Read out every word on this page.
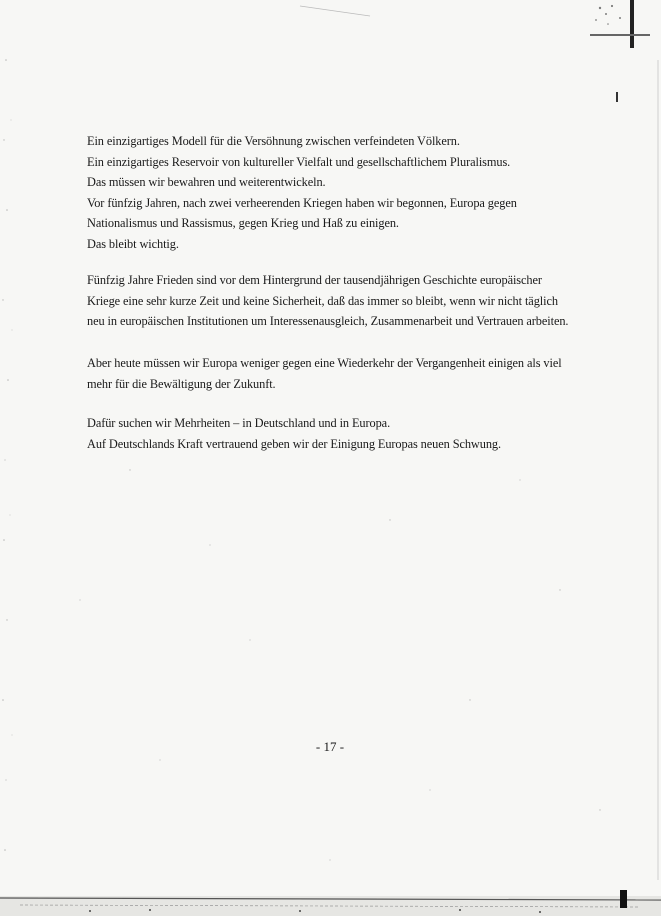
Ein einzigartiges Modell für die Versöhnung zwischen verfeindeten Völkern.
Ein einzigartiges Reservoir von kultureller Vielfalt und gesellschaftlichem Pluralismus.
Das müssen wir bewahren und weiterentwickeln.
Vor fünfzig Jahren, nach zwei verheerenden Kriegen haben wir begonnen, Europa gegen
Nationalismus und Rassismus, gegen Krieg und Haß zu einigen.
Das bleibt wichtig.
Fünfzig Jahre Frieden sind vor dem Hintergrund der tausendjährigen Geschichte europäischer
Kriege eine sehr kurze Zeit und keine Sicherheit, daß das immer so bleibt, wenn wir nicht täglich
neu in europäischen Institutionen um Interessenausgleich, Zusammenarbeit und Vertrauen arbeiten.
Aber heute müssen wir Europa weniger gegen eine Wiederkehr der Vergangenheit einigen als viel
mehr für die Bewältigung der Zukunft.
Dafür suchen wir Mehrheiten – in Deutschland und in Europa.
Auf Deutschlands Kraft vertrauend geben wir der Einigung Europas neuen Schwung.
- 17 -
